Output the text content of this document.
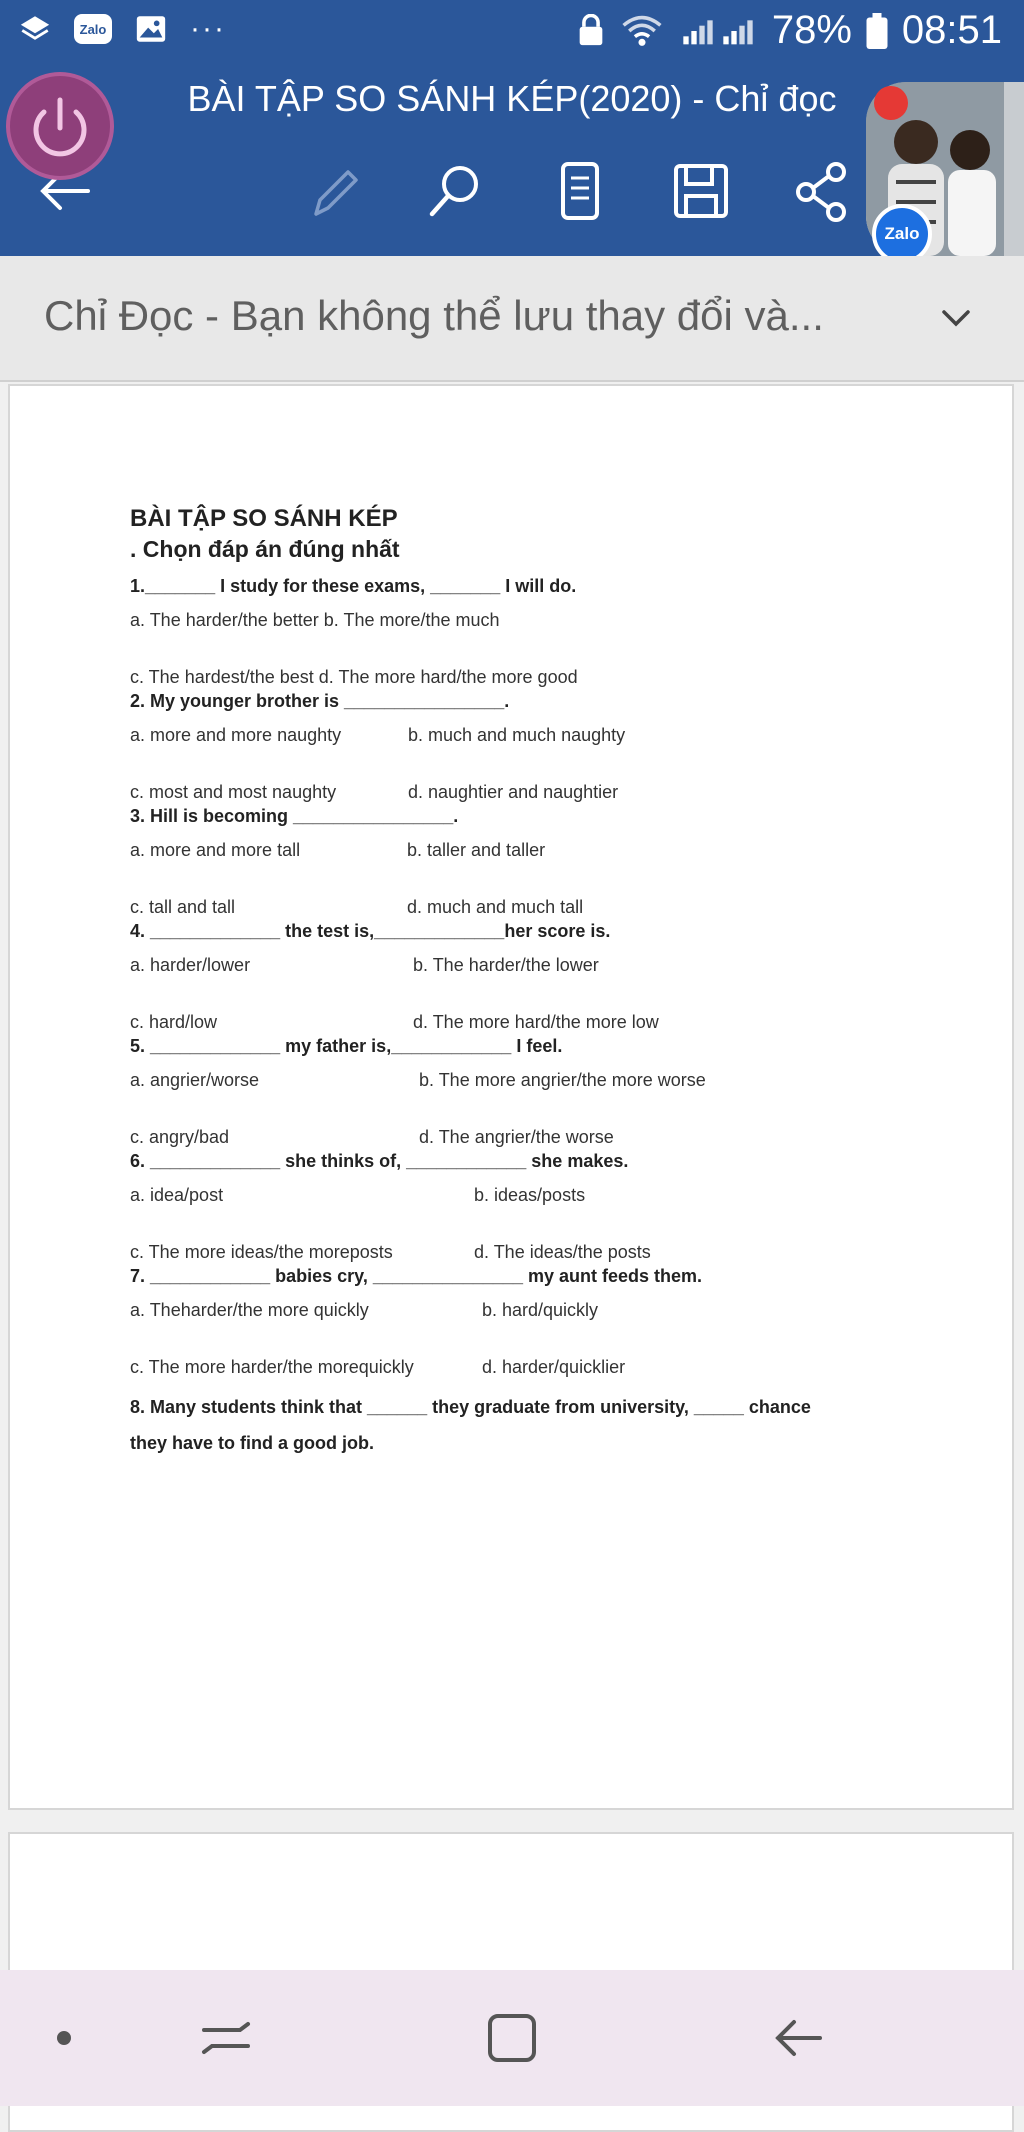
Zalo	···	78% 08:51
BÀI TẬP SO SÁNH KÉP(2020) - Chỉ đọc
Zalo
Chỉ Đọc - Bạn không thể lưu thay đổi và...

BÀI TẬP SO SÁNH KÉP

. Chọn đáp án đúng nhất

1._______ I study for these exams, _______ I will do.
a. The harder/the better b. The more/the much
c. The hardest/the best d. The more hard/the more good
2. My younger brother is ________________.
a. more and more naughty	b. much and much naughty
c. most and most naughty	d. naughtier and naughtier
3. Hill is becoming ________________.
a. more and more tall	b. taller and taller
c. tall and tall	d. much and much tall
4. _____________ the test is,_____________her score is.
a. harder/lower	b. The harder/the lower
c. hard/low	d. The more hard/the more low
5. _____________ my father is,____________ I feel.
a. angrier/worse	b. The more angrier/the more worse
c. angry/bad	d. The angrier/the worse
6. _____________ she thinks of, ____________ she makes.
a. idea/post	b. ideas/posts
c. The more ideas/the moreposts	d. The ideas/the posts
7. ____________ babies cry, _______________ my aunt feeds them.
a. Theharder/the more quickly	b. hard/quickly
c. The more harder/the morequickly	d. harder/quicklier
8. Many students think that ______ they graduate from university, _____ chance
they have to find a good job.
